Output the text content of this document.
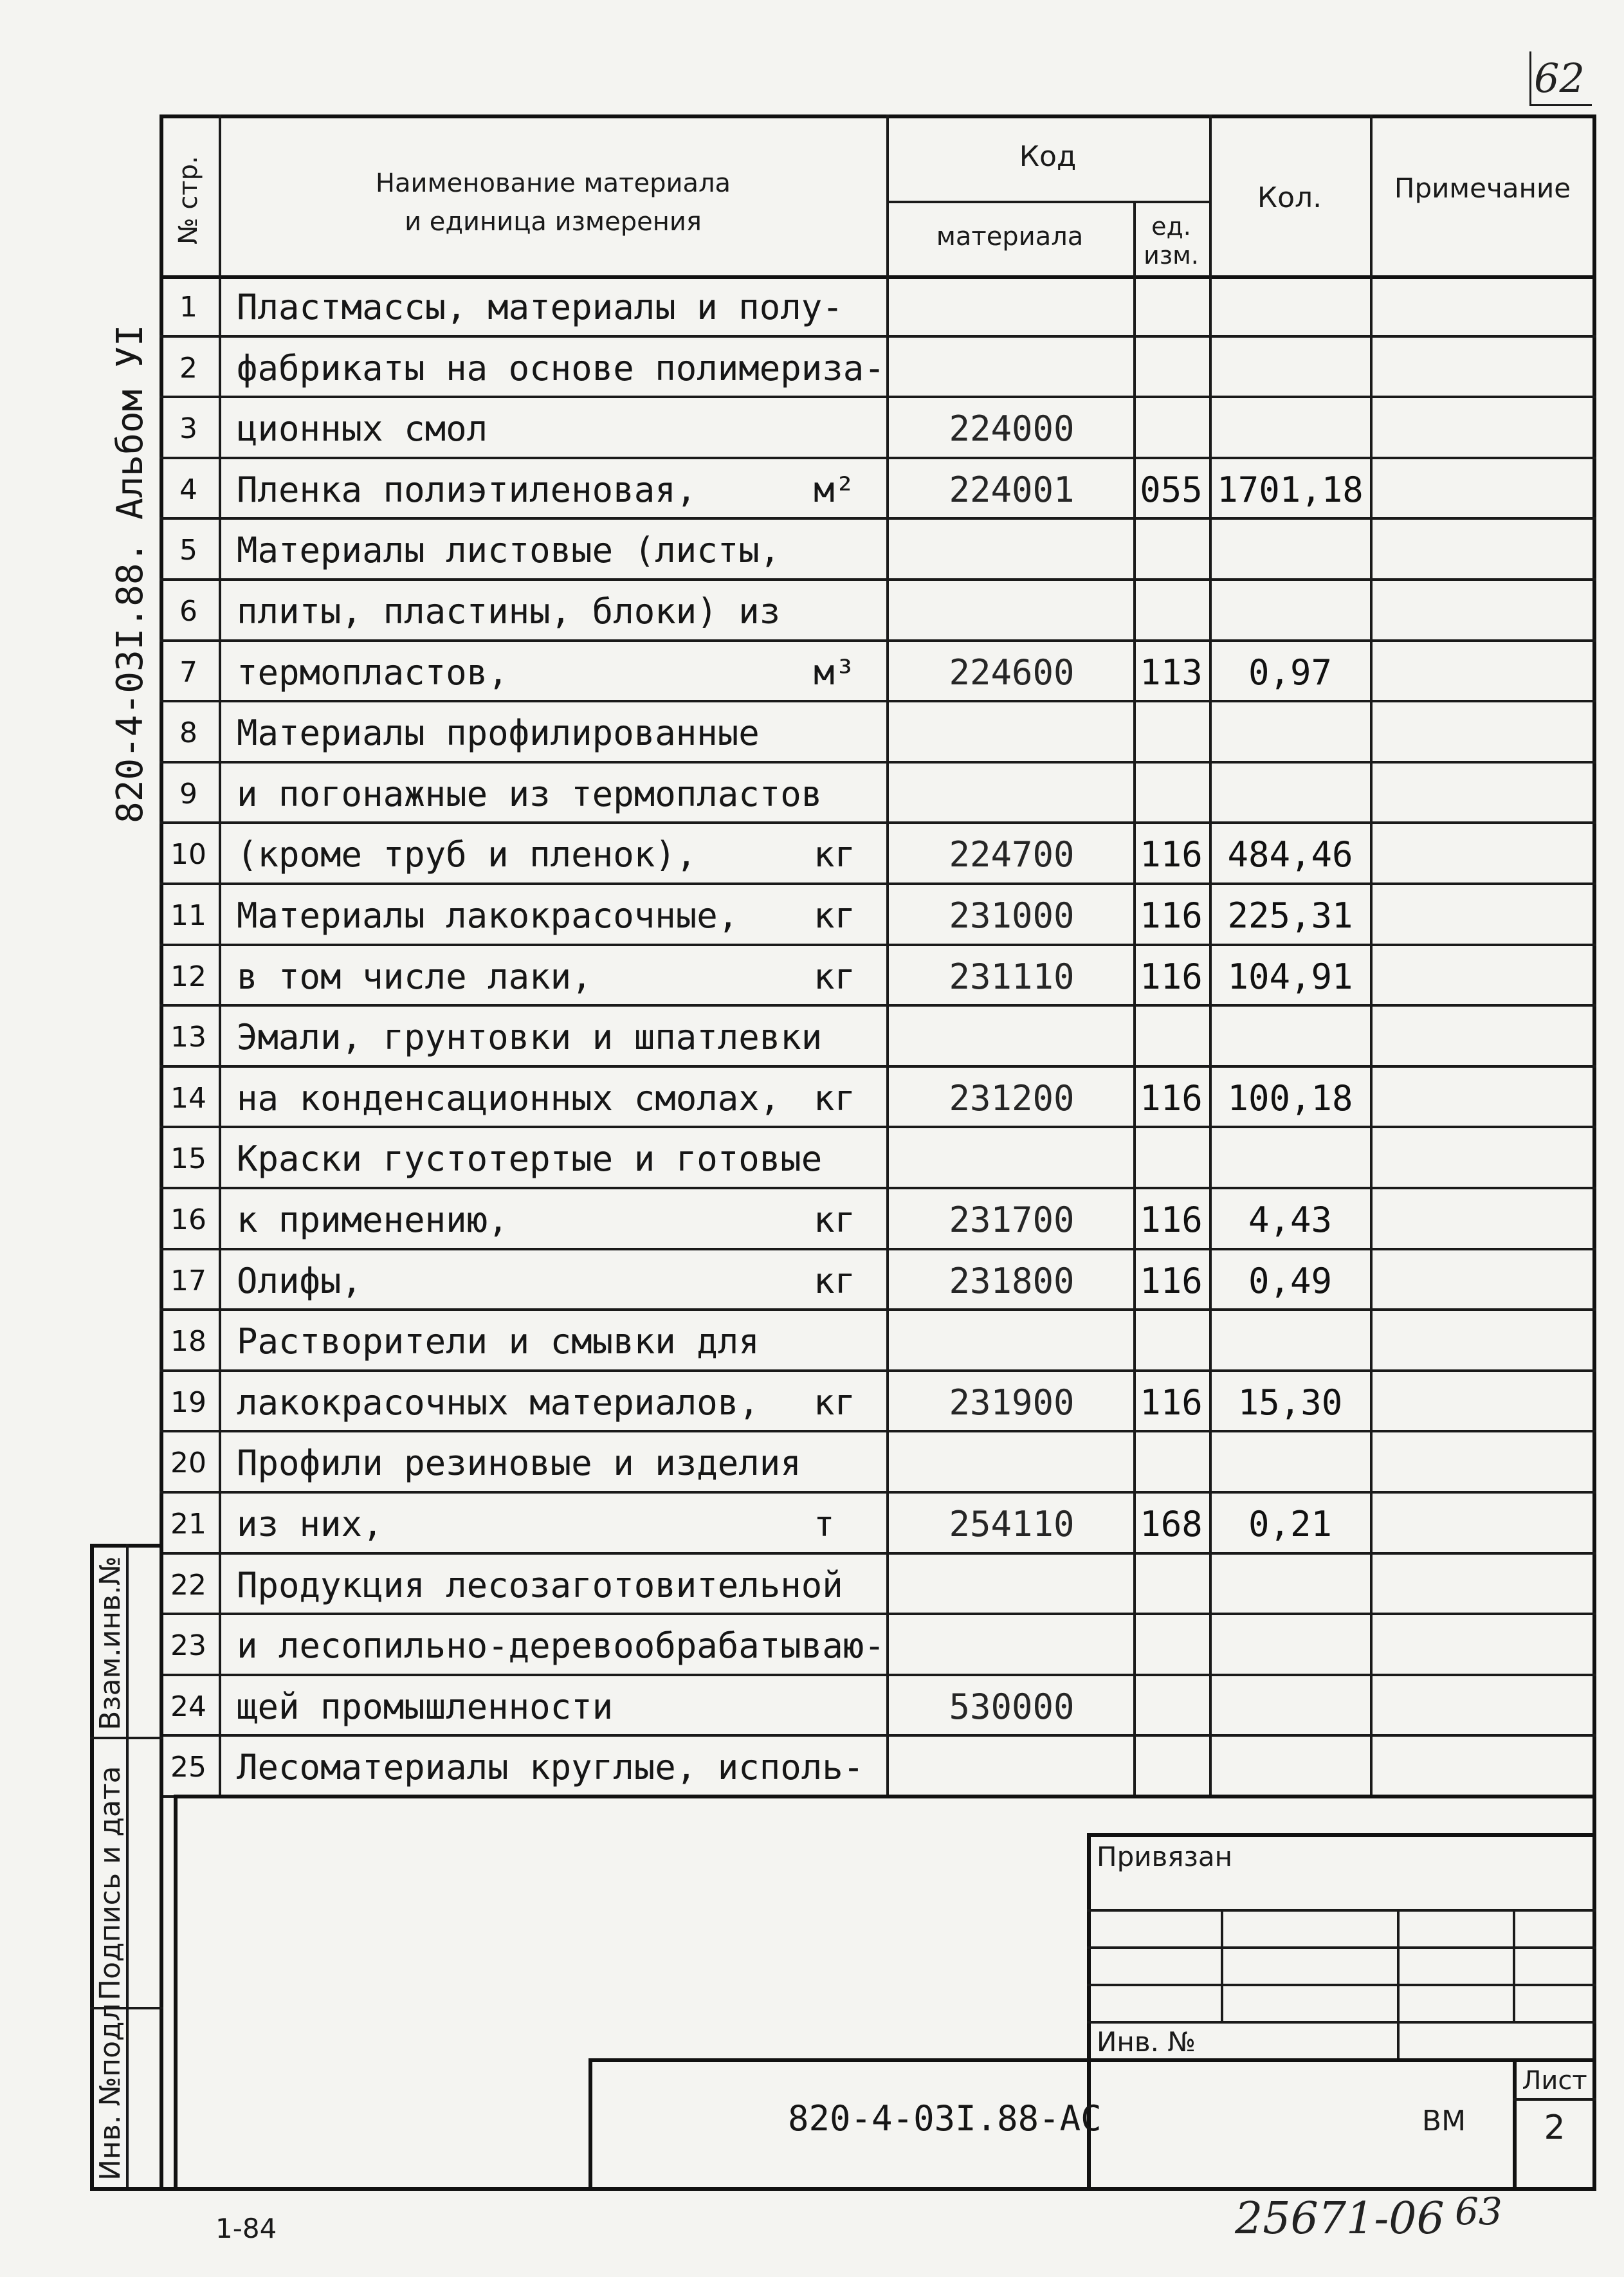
62
820-4-03I.88. Альбом УI
№ стр.	Наименование материала
и единица измерения
Код
материала	ед.
изм.
Кол.	Примечание
1	Пластмассы, материалы и полу-
2	фабрикаты на основе полимериза-
3	ционных смол	224000
4	Пленка полиэтиленовая,	м²	224001	055 1701,18
5	Материалы листовые (листы,
6	плиты, пластины, блоки) из
7	термопластов,	м³	224600	113	0,97
8	Материалы профилированные
9	и погонажные из термопластов
10 (кроме труб и пленок),	кг	224700	116 484,46
11 Материалы лакокрасочные, кг	231000	116 225,31
12 в том числе лаки,	кг	231110	116 104,91
13 Эмали, грунтовки и шпатлевки
14 на конденсационных смолах, кг	231200	116 100,18
15 Краски густотертые и готовые
16 к применению,	кг	231700	116	4,43
17 Олифы,	кг	231800	116	0,49
18 Растворители и смывки для
19 лакокрасочных материалов, кг	231900	116	15,30
20 Профили резиновые и изделия
21 из них,	т	254110	168	0,21
22 Продукция лесозаготовительной
23 и лесопильно-деревообрабатываю-
24 щей промышленности	530000
25 Лесоматериалы круглые, исполь-
Взам.инв.№
Подпись и дата
Инв. №подл
Привязан
Инв. №
820-4-03I.88-АС	ВМ
Лист
2
1-84	25671-06 63
